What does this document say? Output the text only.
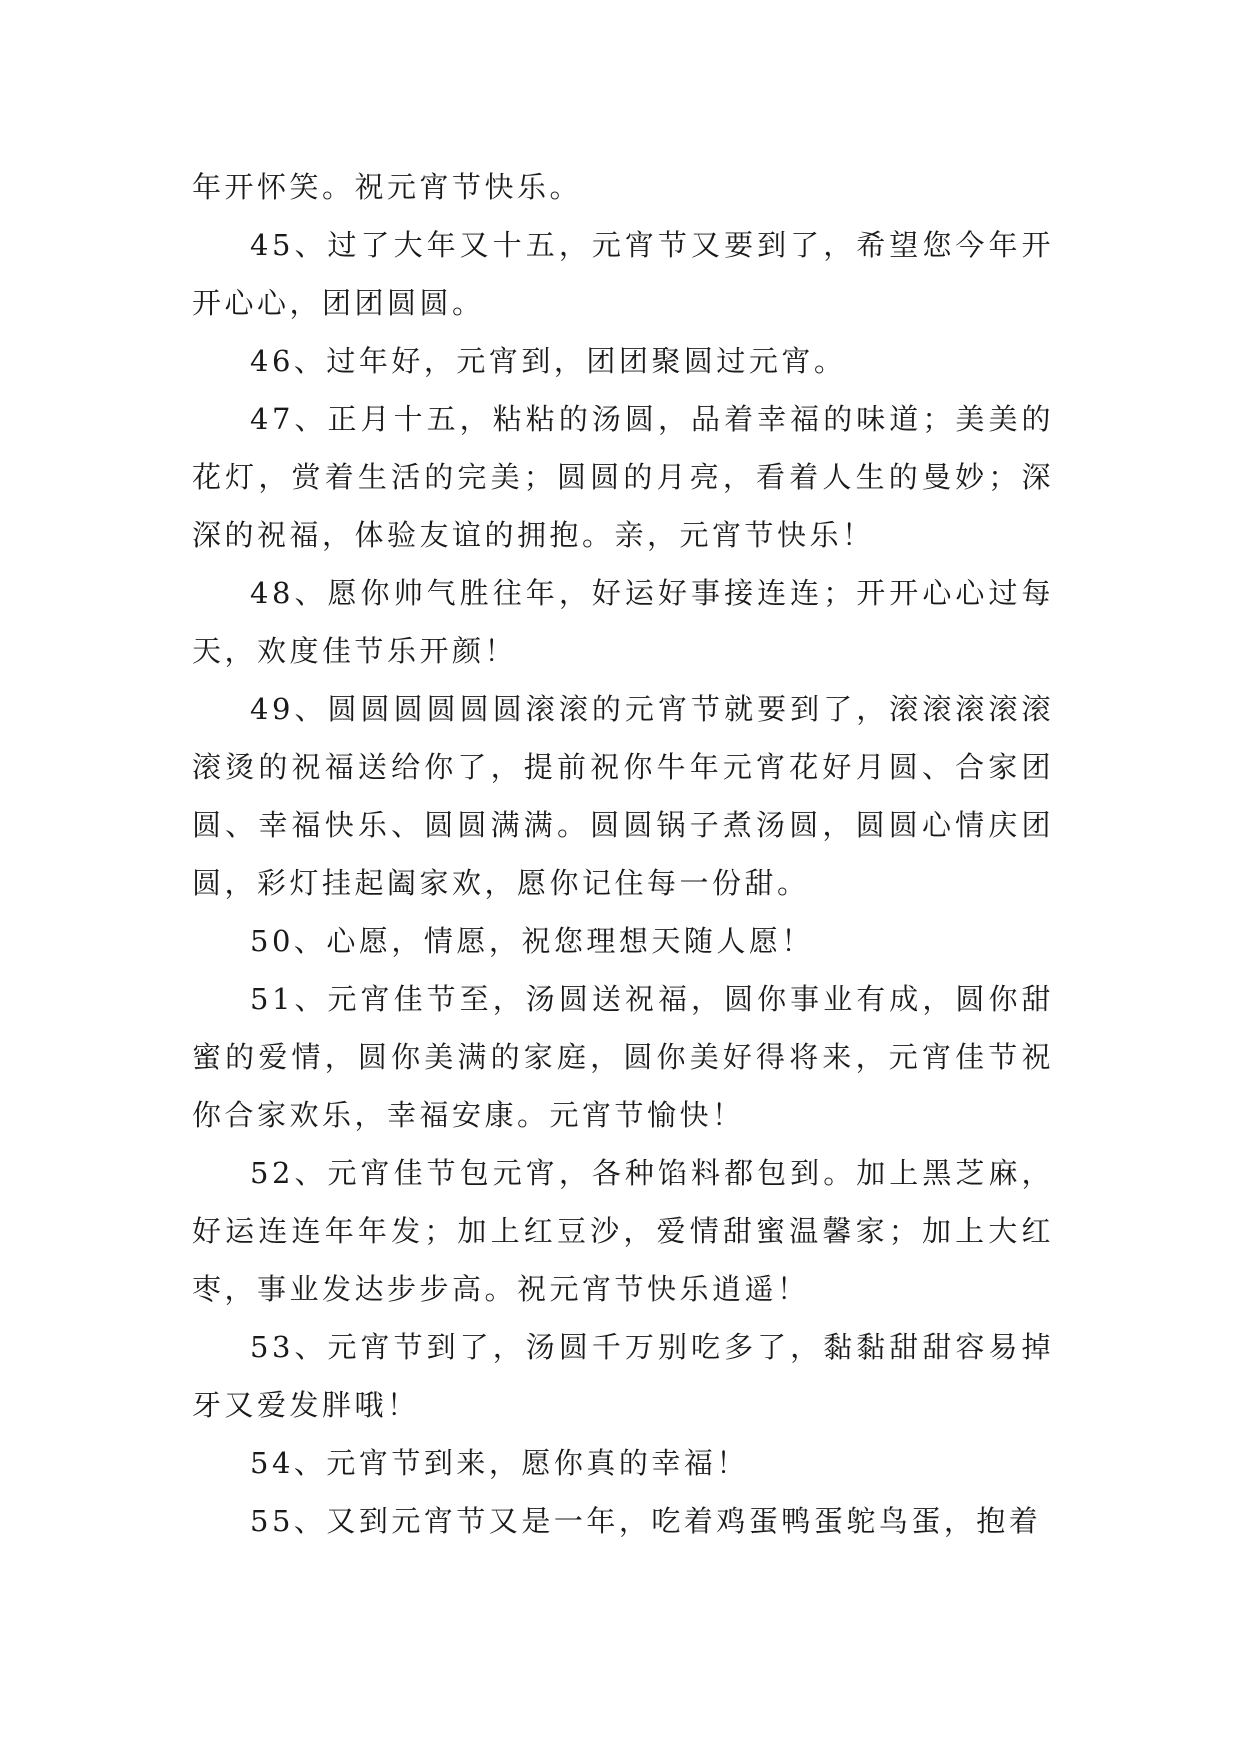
年开怀笑。祝元宵节快乐。

45、过了大年又十五，元宵节又要到了，希望您今年开开心心，团团圆圆。

46、过年好，元宵到，团团聚圆过元宵。

47、正月十五，粘粘的汤圆，品着幸福的味道；美美的花灯，赏着生活的完美；圆圆的月亮，看着人生的曼妙；深深的祝福，体验友谊的拥抱。亲，元宵节快乐！

48、愿你帅气胜往年，好运好事接连连；开开心心过每天，欢度佳节乐开颜！

49、圆圆圆圆圆圆滚滚的元宵节就要到了，滚滚滚滚滚滚烫的祝福送给你了，提前祝你牛年元宵花好月圆、合家团圆、幸福快乐、圆圆满满。圆圆锅子煮汤圆，圆圆心情庆团圆，彩灯挂起阖家欢，愿你记住每一份甜。

50、心愿，情愿，祝您理想天随人愿！

51、元宵佳节至，汤圆送祝福，圆你事业有成，圆你甜蜜的爱情，圆你美满的家庭，圆你美好得将来，元宵佳节祝你合家欢乐，幸福安康。元宵节愉快！

52、元宵佳节包元宵，各种馅料都包到。加上黑芝麻，好运连连年年发；加上红豆沙，爱情甜蜜温馨家；加上大红枣，事业发达步步高。祝元宵节快乐逍遥！

53、元宵节到了，汤圆千万别吃多了，黏黏甜甜容易掉牙又爱发胖哦！

54、元宵节到来，愿你真的幸福！

55、又到元宵节又是一年，吃着鸡蛋鸭蛋鸵鸟蛋，抱着
